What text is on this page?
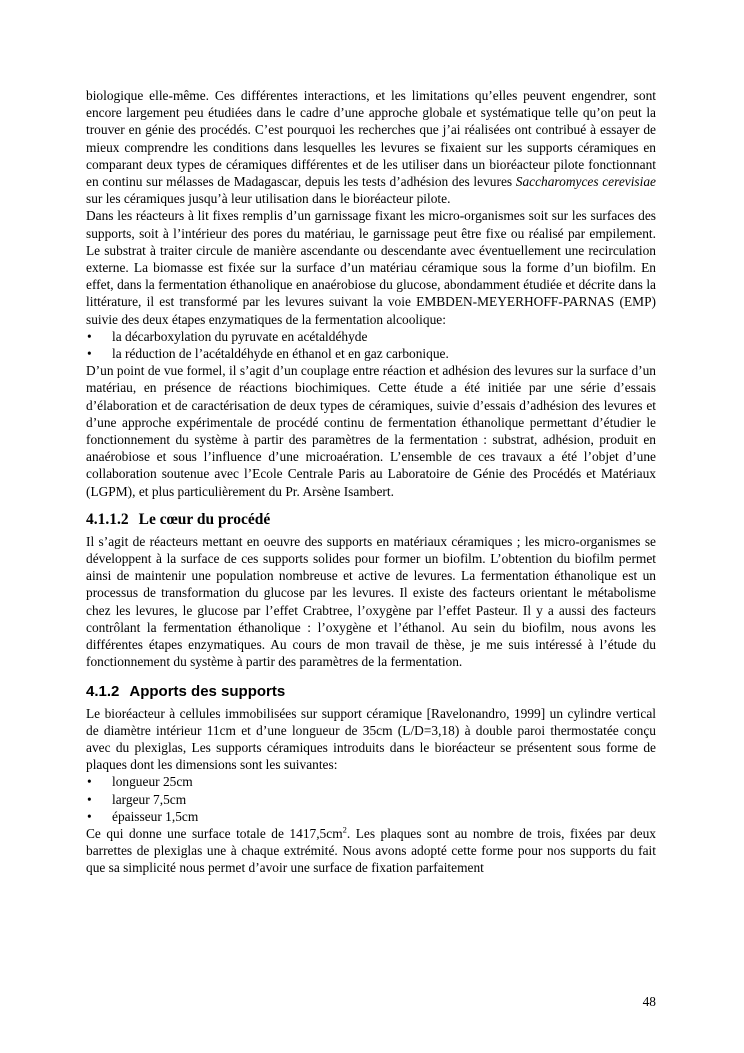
biologique elle-même. Ces différentes interactions, et les limitations qu’elles peuvent engendrer, sont encore largement peu étudiées dans le cadre d’une approche globale et systématique telle qu’on peut la trouver en génie des procédés. C’est pourquoi les recherches que j’ai réalisées ont contribué à essayer de mieux comprendre les conditions dans lesquelles les levures se fixaient sur les supports céramiques en comparant deux types de céramiques différentes et de les utiliser dans un bioréacteur pilote fonctionnant en continu sur mélasses de Madagascar, depuis les tests d’adhésion des levures Saccharomyces cerevisiae sur les céramiques jusqu’à leur utilisation dans le bioréacteur pilote.

Dans les réacteurs à lit fixes remplis d’un garnissage fixant les micro-organismes soit sur les surfaces des supports, soit à l’intérieur des pores du matériau, le garnissage peut être fixe ou réalisé par empilement. Le substrat à traiter circule de manière ascendante ou descendante avec éventuellement une recirculation externe. La biomasse est fixée sur la surface d’un matériau céramique sous la forme d’un biofilm. En effet, dans la fermentation éthanolique en anaérobiose du glucose, abondamment étudiée et décrite dans la littérature, il est transformé par les levures suivant la voie EMBDEN-MEYERHOFF-PARNAS (EMP) suivie des deux étapes enzymatiques de la fermentation alcoolique:

• la décarboxylation du pyruvate en acétaldéhyde
• la réduction de l’acétaldéhyde en éthanol et en gaz carbonique.

D’un point de vue formel, il s’agit d’un couplage entre réaction et adhésion des levures sur la surface d’un matériau, en présence de réactions biochimiques. Cette étude a été initiée par une série d’essais d’élaboration et de caractérisation de deux types de céramiques, suivie d’essais d’adhésion des levures et d’une approche expérimentale de procédé continu de fermentation éthanolique permettant d’étudier le fonctionnement du système à partir des paramètres de la fermentation : substrat, adhésion, produit en anaérobiose et sous l’influence d’une microaération. L’ensemble de ces travaux a été l’objet d’une collaboration soutenue avec l’Ecole Centrale Paris au Laboratoire de Génie des Procédés et Matériaux (LGPM), et plus particulièrement du Pr. Arsène Isambert.

4.1.1.2 Le cœur du procédé

Il s’agit de réacteurs mettant en oeuvre des supports en matériaux céramiques ; les micro-organismes se développent à la surface de ces supports solides pour former un biofilm. L’obtention du biofilm permet ainsi de maintenir une population nombreuse et active de levures. La fermentation éthanolique est un processus de transformation du glucose par les levures. Il existe des facteurs orientant le métabolisme chez les levures, le glucose par l’effet Crabtree, l’oxygène par l’effet Pasteur. Il y a aussi des facteurs contrôlant la fermentation éthanolique : l’oxygène et l’éthanol. Au sein du biofilm, nous avons les différentes étapes enzymatiques. Au cours de mon travail de thèse, je me suis intéressé à l’étude du fonctionnement du système à partir des paramètres de la fermentation.

4.1.2 Apports des supports

Le bioréacteur à cellules immobilisées sur support céramique [Ravelonandro, 1999] un cylindre vertical de diamètre intérieur 11cm et d’une longueur de 35cm (L/D=3,18) à double paroi thermostatée conçu avec du plexiglas, Les supports céramiques introduits dans le bioréacteur se présentent sous forme de plaques dont les dimensions sont les suivantes:

• longueur 25cm
• largeur 7,5cm
• épaisseur 1,5cm

Ce qui donne une surface totale de $1417,5cm^2$. Les plaques sont au nombre de trois, fixées par deux barrettes de plexiglas une à chaque extrémité. Nous avons adopté cette forme pour nos supports du fait que sa simplicité nous permet d’avoir une surface de fixation parfaitement

48
